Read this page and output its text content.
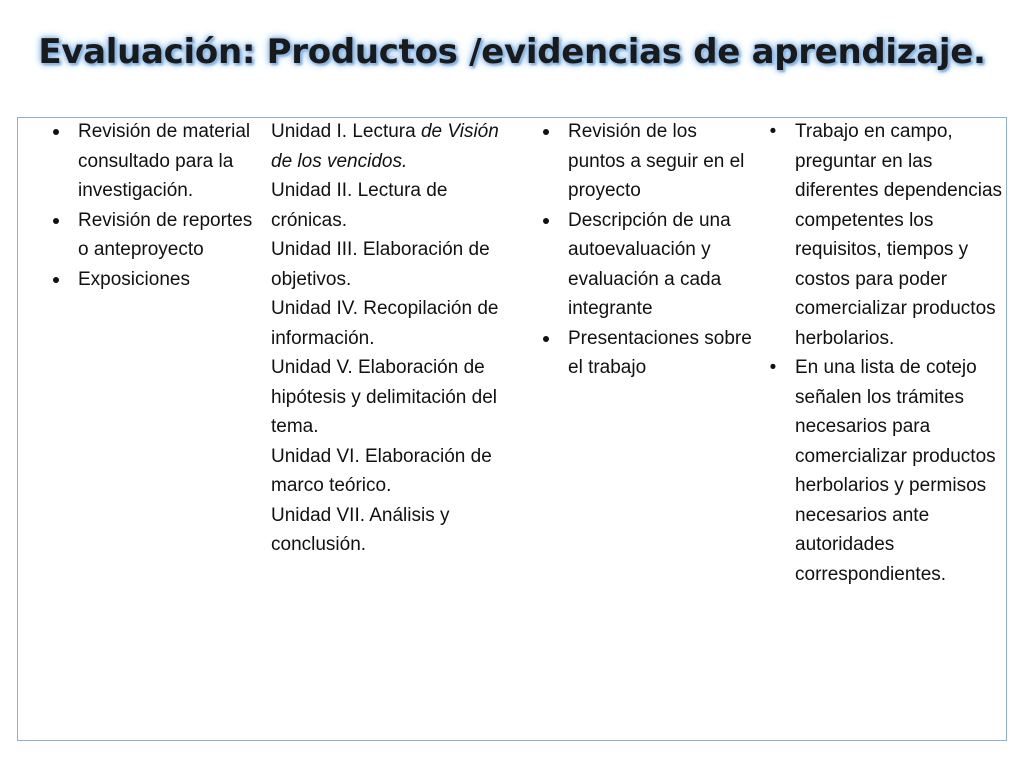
Evaluación: Productos /evidencias de aprendizaje.
Revisión de material consultado para la investigación.
Revisión de reportes o anteproyecto
Exposiciones
Unidad I. Lectura de Visión de los vencidos.
Unidad II. Lectura de crónicas.
Unidad III. Elaboración de objetivos.
Unidad IV. Recopilación de información.
Unidad V. Elaboración de hipótesis y delimitación del tema.
Unidad VI. Elaboración de marco teórico.
Unidad VII. Análisis y conclusión.
Revisión de los puntos a seguir en el proyecto
Descripción de una autoevaluación y evaluación a cada integrante
Presentaciones sobre el trabajo
• Trabajo en campo, preguntar en las diferentes dependencias competentes los requisitos, tiempos y costos para poder comercializar productos herbolarios.
• En una lista de cotejo señalen los trámites necesarios para comercializar productos herbolarios y permisos necesarios ante autoridades correspondientes.
